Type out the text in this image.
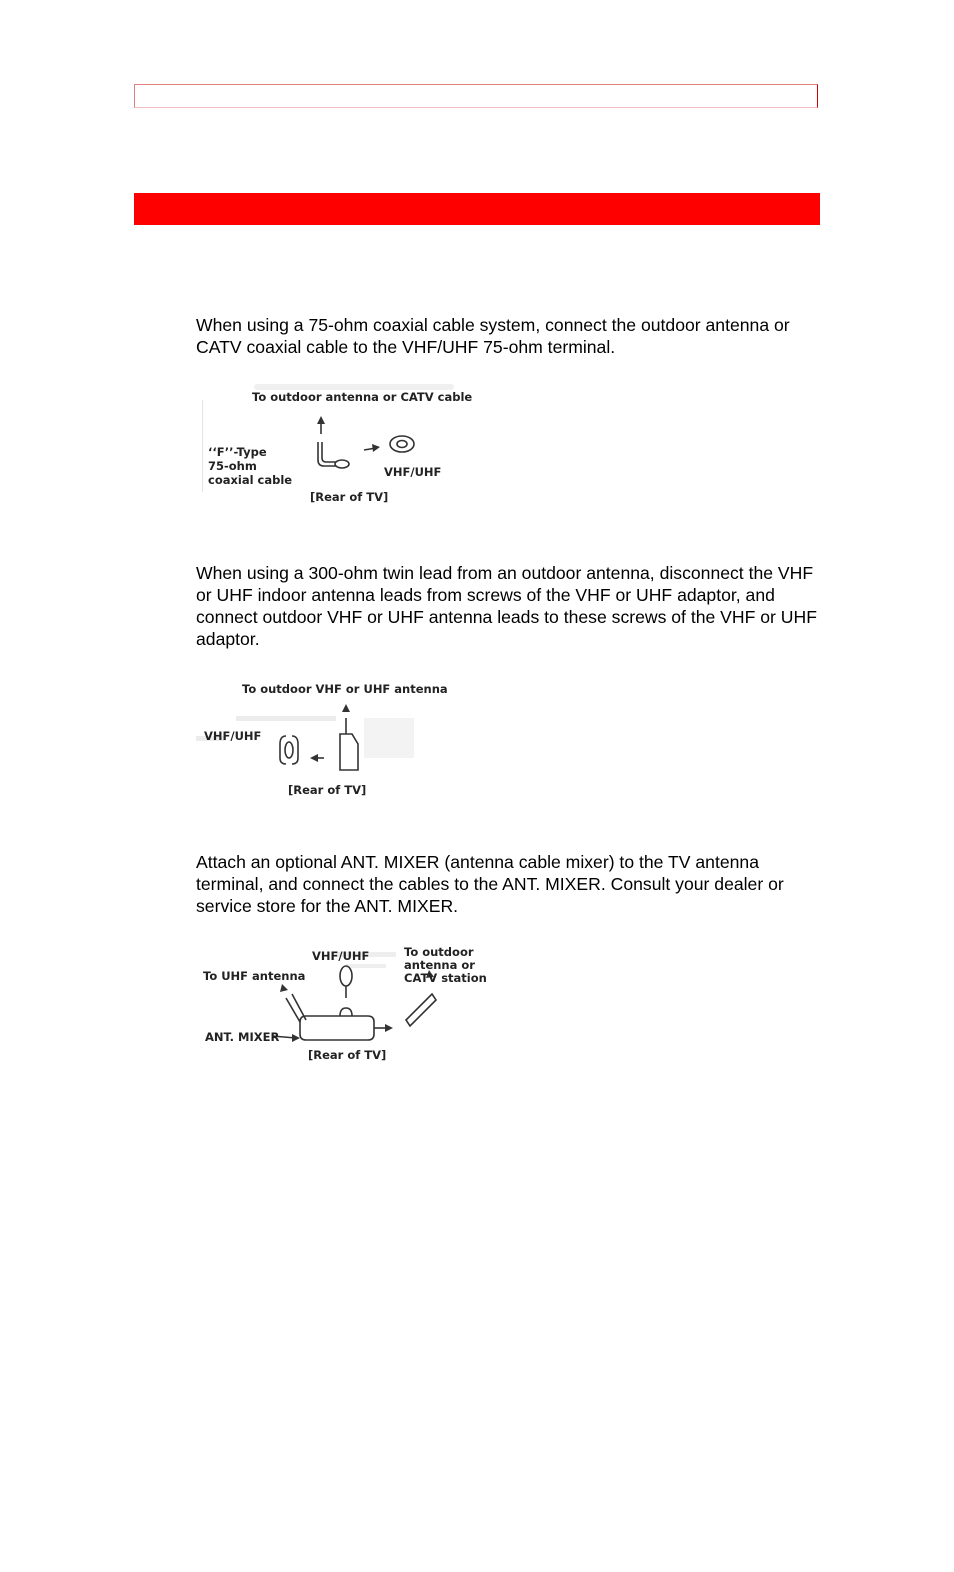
When using a 75-ohm coaxial cable system, connect the outdoor antenna or CATV coaxial cable to the VHF/UHF 75-ohm terminal.

To outdoor antenna or CATV cable
‘‘F’’-Type
75-ohm
coaxial cable
VHF/UHF
[Rear of TV]

When using a 300-ohm twin lead from an outdoor antenna, disconnect the VHF or UHF indoor antenna leads from screws of the VHF or UHF adaptor, and connect outdoor VHF or UHF antenna leads to these screws of the VHF or UHF adaptor.

To outdoor VHF or UHF antenna
VHF/UHF
[Rear of TV]

Attach an optional ANT. MIXER (antenna cable mixer) to the TV antenna terminal, and connect the cables to the ANT. MIXER. Consult your dealer or service store for the ANT. MIXER.

VHF/UHF
To UHF antenna
To outdoor
antenna or
CATV station
ANT. MIXER
[Rear of TV]
